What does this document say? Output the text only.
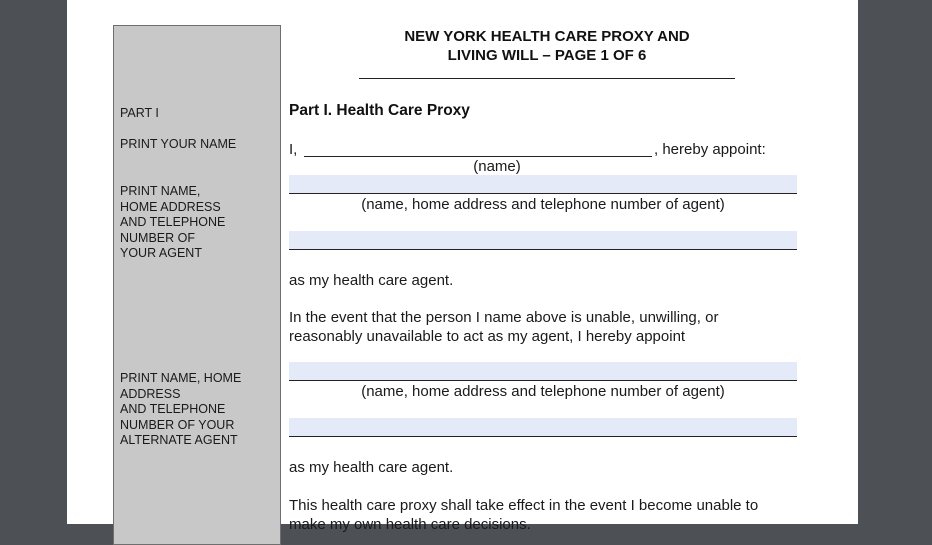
PART I
PRINT YOUR NAME
PRINT NAME,
HOME ADDRESS
AND TELEPHONE
NUMBER OF
YOUR AGENT
PRINT NAME, HOME
ADDRESS
AND TELEPHONE
NUMBER OF YOUR
ALTERNATE AGENT
NEW YORK HEALTH CARE PROXY AND
LIVING WILL – PAGE 1 OF 6
Part I. Health Care Proxy
I,	, hereby appoint:
(name)
(name, home address and telephone number of agent)
as my health care agent.
In the event that the person I name above is unable, unwilling, or
reasonably unavailable to act as my agent, I hereby appoint
(name, home address and telephone number of agent)
as my health care agent.
This health care proxy shall take effect in the event I become unable to
make my own health care decisions.
